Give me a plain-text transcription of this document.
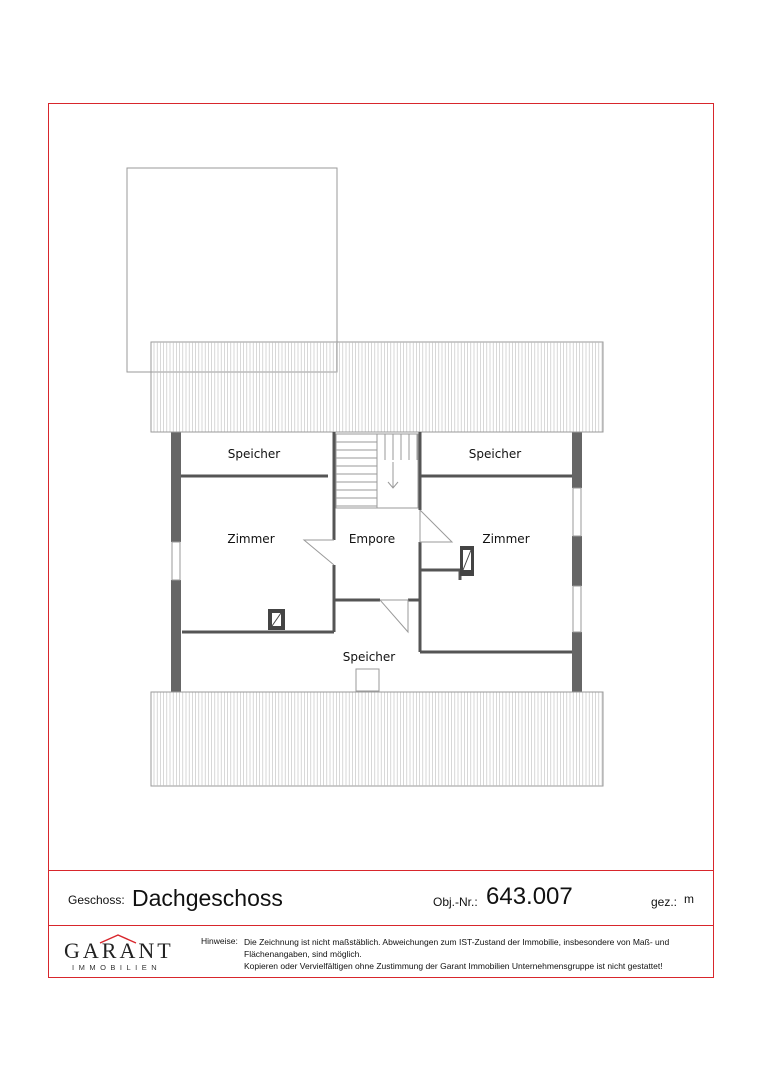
Speicher	Speicher
Zimmer	Empore	Zimmer
Speicher
Geschoss: Dachgeschoss	Obj.-Nr.: 643.007	gez.: m
GARANT
IMMOBILIEN
Hinweise: Die Zeichnung ist nicht maßstäblich. Abweichungen zum IST-Zustand der Immobilie, insbesondere von Maß- und

Flächenangaben, sind möglich.

Kopieren oder Vervielfältigen ohne Zustimmung der Garant Immobilien Unternehmensgruppe ist nicht gestattet!
